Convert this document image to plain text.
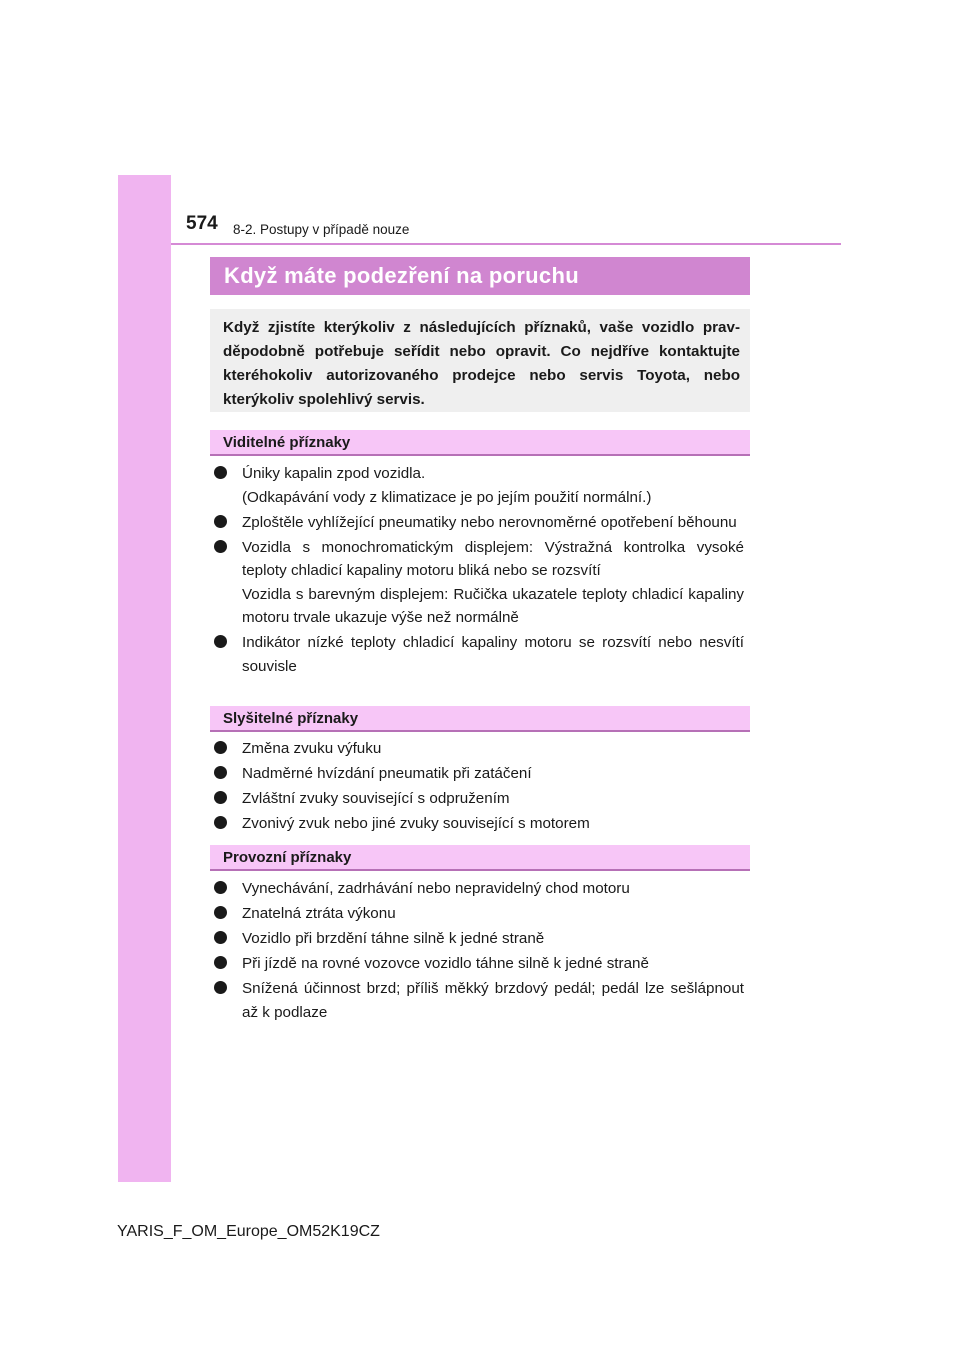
574 8-2. Postupy v případě nouze
Když máte podezření na poruchu
Když zjistíte kterýkoliv z následujících příznaků, vaše vozidlo pravděpodobně potřebuje seřídit nebo opravit. Co nejdříve kontaktujte kteréhokoliv autorizovaného prodejce nebo servis Toyota, nebo kterýkoliv spolehlivý servis.
Viditelné příznaky
Úniky kapalin zpod vozidla.
(Odkapávání vody z klimatizace je po jejím použití normální.)
Zploštěle vyhlížející pneumatiky nebo nerovnoměrné opotřebení běhounu
Vozidla s monochromatickým displejem: Výstražná kontrolka vysoké teploty chladicí kapaliny motoru bliká nebo se rozsvítí
Vozidla s barevným displejem: Ručička ukazatele teploty chladicí kapaliny motoru trvale ukazuje výše než normálně
Indikátor nízké teploty chladicí kapaliny motoru se rozsvítí nebo nesvítí souvisle
Slyšitelné příznaky
Změna zvuku výfuku
Nadměrné hvízdání pneumatik při zatáčení
Zvláštní zvuky související s odpružením
Zvonivý zvuk nebo jiné zvuky související s motorem
Provozní příznaky
Vynechávání, zadrhávání nebo nepravidelný chod motoru
Znatelná ztráta výkonu
Vozidlo při brzdění táhne silně k jedné straně
Při jízdě na rovné vozovce vozidlo táhne silně k jedné straně
Snížená účinnost brzd; příliš měkký brzdový pedál; pedál lze sešlápnout až k podlaze
YARIS_F_OM_Europe_OM52K19CZ
